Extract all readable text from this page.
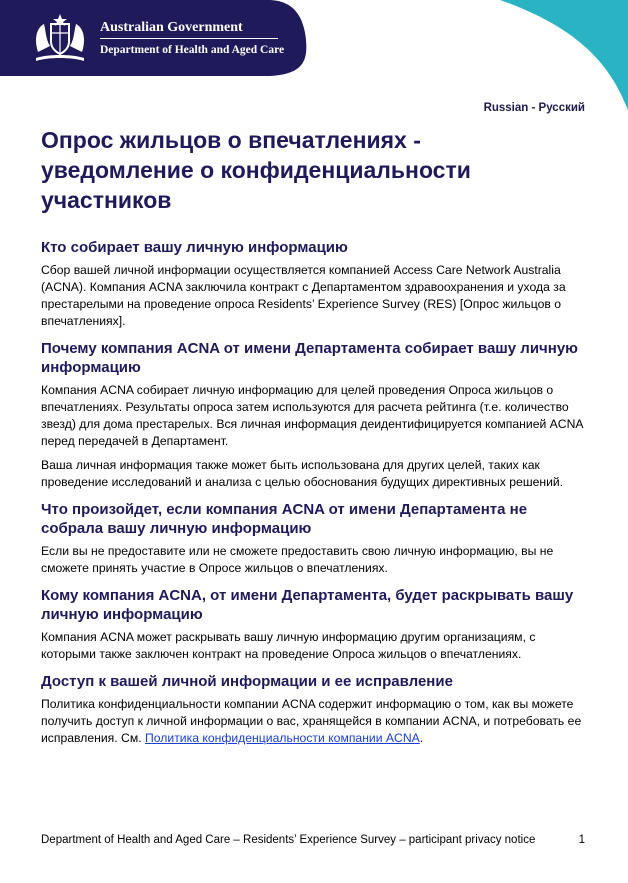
Australian Government
Department of Health and Aged Care
Russian - Русский
Опрос жильцов о впечатлениях - уведомление о конфиденциальности участников
Кто собирает вашу личную информацию

Сбор вашей личной информации осуществляется компанией Access Care Network Australia (ACNA). Компания ACNA заключила контракт с Департаментом здравоохранения и ухода за престарелыми на проведение опроса Residents’ Experience Survey (RES) [Опрос жильцов о впечатлениях].

Почему компания ACNA от имени Департамента собирает вашу личную информацию

Компания ACNA собирает личную информацию для целей проведения Опроса жильцов о впечатлениях. Результаты опроса затем используются для расчета рейтинга (т.е. количество звезд) для дома престарелых. Вся личная информация деидентифицируется компанией ACNA перед передачей в Департамент.

Ваша личная информация также может быть использована для других целей, таких как проведение исследований и анализа с целью обоснования будущих директивных решений.

Что произойдет, если компания ACNA от имени Департамента не собрала вашу личную информацию

Если вы не предоставите или не сможете предоставить свою личную информацию, вы не сможете принять участие в Опросе жильцов о впечатлениях.

Кому компания ACNA, от имени Департамента, будет раскрывать вашу личную информацию

Компания ACNA может раскрывать вашу личную информацию другим организациям, с которыми также заключен контракт на проведение Опроса жильцов о впечатлениях.

Доступ к вашей личной информации и ее исправление

Политика конфиденциальности компании ACNA содержит информацию о том, как вы можете получить доступ к личной информации о вас, хранящейся в компании ACNA, и потребовать ее исправления. См. Политика конфиденциальности компании ACNA.

Department of Health and Aged Care – Residents’ Experience Survey – participant privacy notice	1
